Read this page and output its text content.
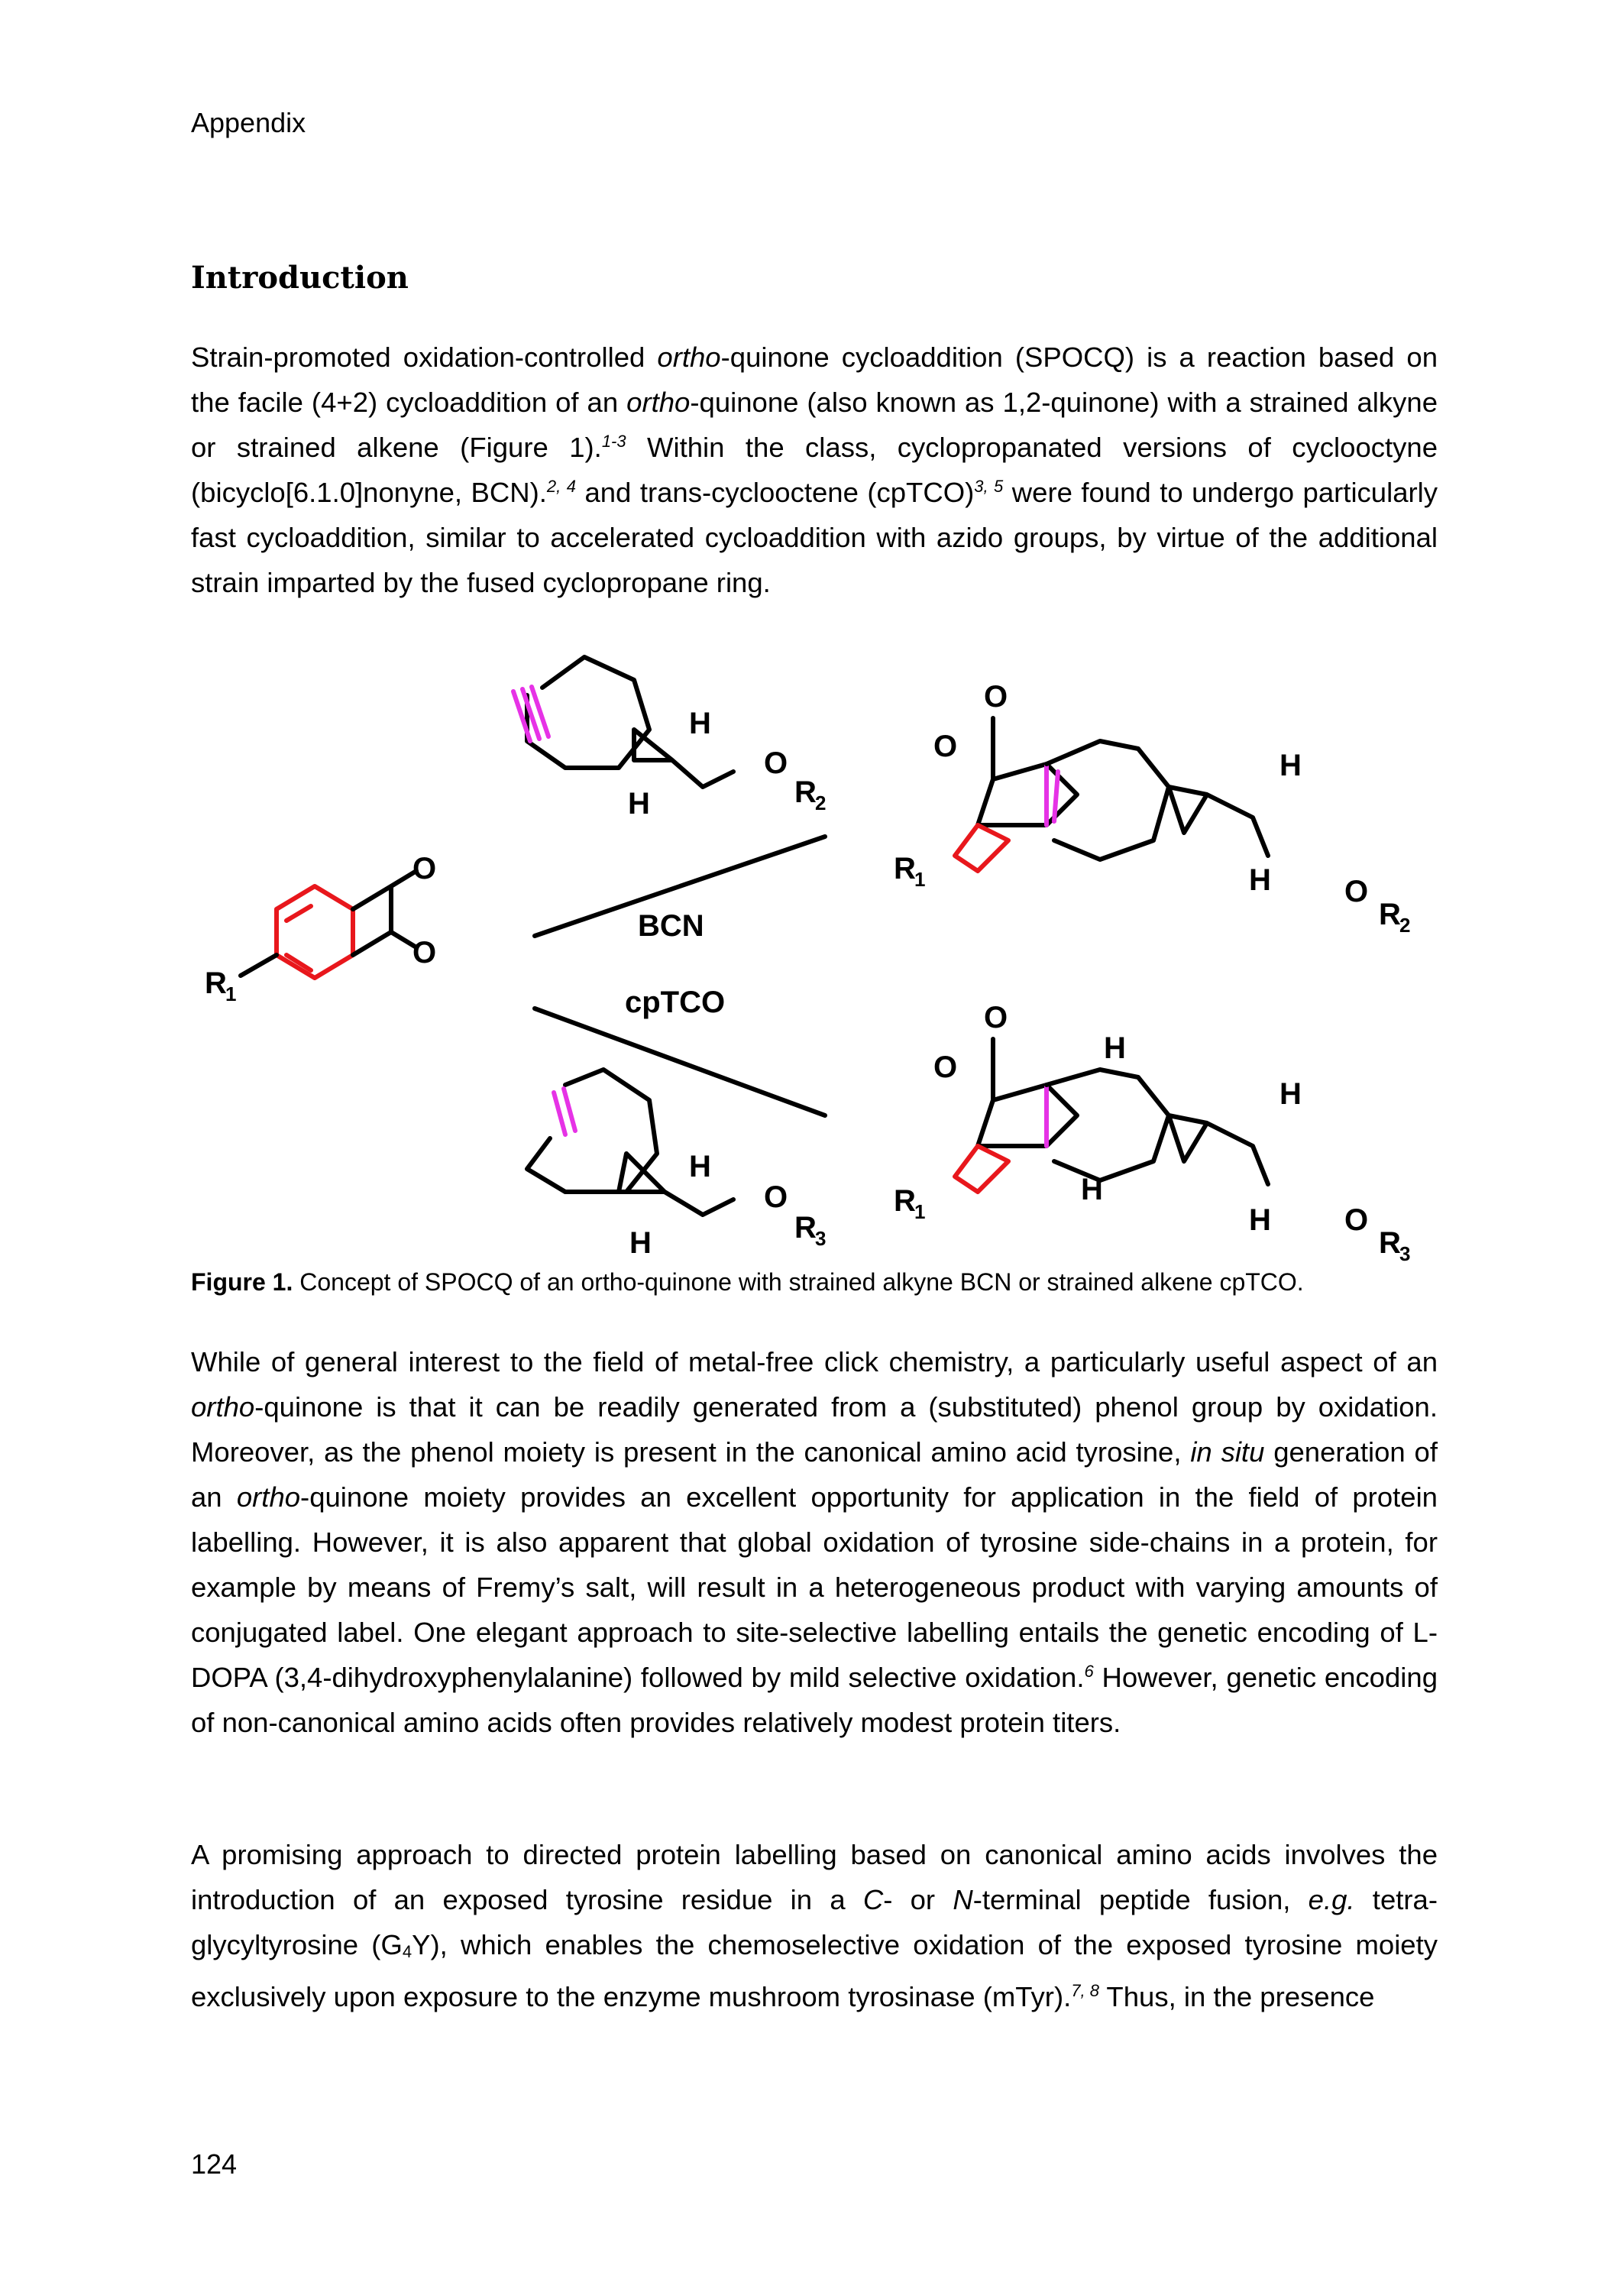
Appendix
Introduction

Strain-promoted oxidation-controlled ortho-quinone cycloaddition (SPOCQ) is a reaction based on the facile (4+2) cycloaddition of an ortho-quinone (also known as 1,2-quinone) with a strained alkyne or strained alkene (Figure 1).$^{1-3}$ Within the class, cyclopropanated versions of cyclooctyne (bicyclo[6.1.0]nonyne, BCN).$^{2, 4}$ and trans-cyclooctene (cpTCO)$^{3, 5}$ were found to undergo particularly fast cycloaddition, similar to accelerated cycloaddition with azido groups, by virtue of the additional strain imparted by the fused cyclopropane ring.

BCN
cpTCO
O
O
R
1
H
H
O
R
2
H
H
O
R
3
O
O
R
1
H
H O
R
2
O
O
R
1
H
H
H
H O
R
3
Figure 1. Concept of SPOCQ of an ortho-quinone with strained alkyne BCN or strained alkene cpTCO.

While of general interest to the field of metal-free click chemistry, a particularly useful aspect of an ortho-quinone is that it can be readily generated from a (substituted) phenol group by oxidation. Moreover, as the phenol moiety is present in the canonical amino acid tyrosine, in situ generation of an ortho-quinone moiety provides an excellent opportunity for application in the field of protein labelling. However, it is also apparent that global oxidation of tyrosine side-chains in a protein, for example by means of Fremy’s salt, will result in a heterogeneous product with varying amounts of conjugated label. One elegant approach to site-selective labelling entails the genetic encoding of L-DOPA (3,4-dihydroxyphenylalanine) followed by mild selective oxidation.$^6$ However, genetic encoding of non-canonical amino acids often provides relatively modest protein titers.

A promising approach to directed protein labelling based on canonical amino acids involves the introduction of an exposed tyrosine residue in a C- or N-terminal peptide fusion, e.g. tetra-glycyltyrosine (G4Y), which enables the chemoselective oxidation of the exposed tyrosine moiety exclusively upon exposure to the enzyme mushroom tyrosinase (mTyr).$^{7, 8}$ Thus, in the presence

124
